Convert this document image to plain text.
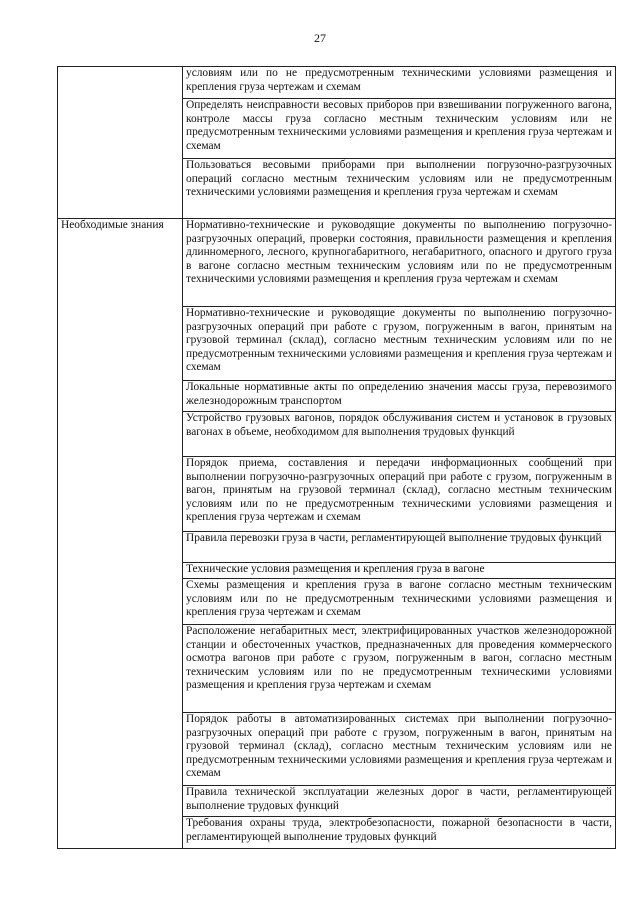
27
	условиям или по не предусмотренным техническими условиями размещения и крепления груза чертежам и схемам
	Определять неисправности весовых приборов при взвешивании погруженного вагона, контроле массы груза согласно местным техническим условиям или не предусмотренным техническими условиями размещения и крепления груза чертежам и схемам
	Пользоваться весовыми приборами при выполнении погрузочно-разгрузочных операций согласно местным техническим условиям или не предусмотренным техническими условиями размещения и крепления груза чертежам и схемам
Необходимые знания	Нормативно-технические и руководящие документы по выполнению погрузочно-разгрузочных операций, проверки состояния, правильности размещения и крепления длинномерного, лесного, крупногабаритного, негабаритного, опасного и другого груза в вагоне согласно местным техническим условиям или по не предусмотренным техническими условиями размещения и крепления груза чертежам и схемам
	Нормативно-технические и руководящие документы по выполнению погрузочно-разгрузочных операций при работе с грузом, погруженным в вагон, принятым на грузовой терминал (склад), согласно местным техническим условиям или по не предусмотренным техническими условиями размещения и крепления груза чертежам и схемам
	Локальные нормативные акты по определению значения массы груза, перевозимого железнодорожным транспортом
	Устройство грузовых вагонов, порядок обслуживания систем и установок в грузовых вагонах в объеме, необходимом для выполнения трудовых функций
	Порядок приема, составления и передачи информационных сообщений при выполнении погрузочно-разгрузочных операций при работе с грузом, погруженным в вагон, принятым на грузовой терминал (склад), согласно местным техническим условиям или по не предусмотренным техническими условиями размещения и крепления груза чертежам и схемам
	Правила перевозки груза в части, регламентирующей выполнение трудовых функций
	Технические условия размещения и крепления груза в вагоне
	Схемы размещения и крепления груза в вагоне согласно местным техническим условиям или по не предусмотренным техническими условиями размещения и крепления груза чертежам и схемам
	Расположение негабаритных мест, электрифицированных участков железнодорожной станции и обесточенных участков, предназначенных для проведения коммерческого осмотра вагонов при работе с грузом, погруженным в вагон, согласно местным техническим условиям или по не предусмотренным техническими условиями размещения и крепления груза чертежам и схемам
	Порядок работы в автоматизированных системах при выполнении погрузочно-разгрузочных операций при работе с грузом, погруженным в вагон, принятым на грузовой терминал (склад), согласно местным техническим условиям или не предусмотренным техническими условиями размещения и крепления груза чертежам и схемам
	Правила технической эксплуатации железных дорог в части, регламентирующей выполнение трудовых функций
	Требования охраны труда, электробезопасности, пожарной безопасности в части, регламентирующей выполнение трудовых функций
